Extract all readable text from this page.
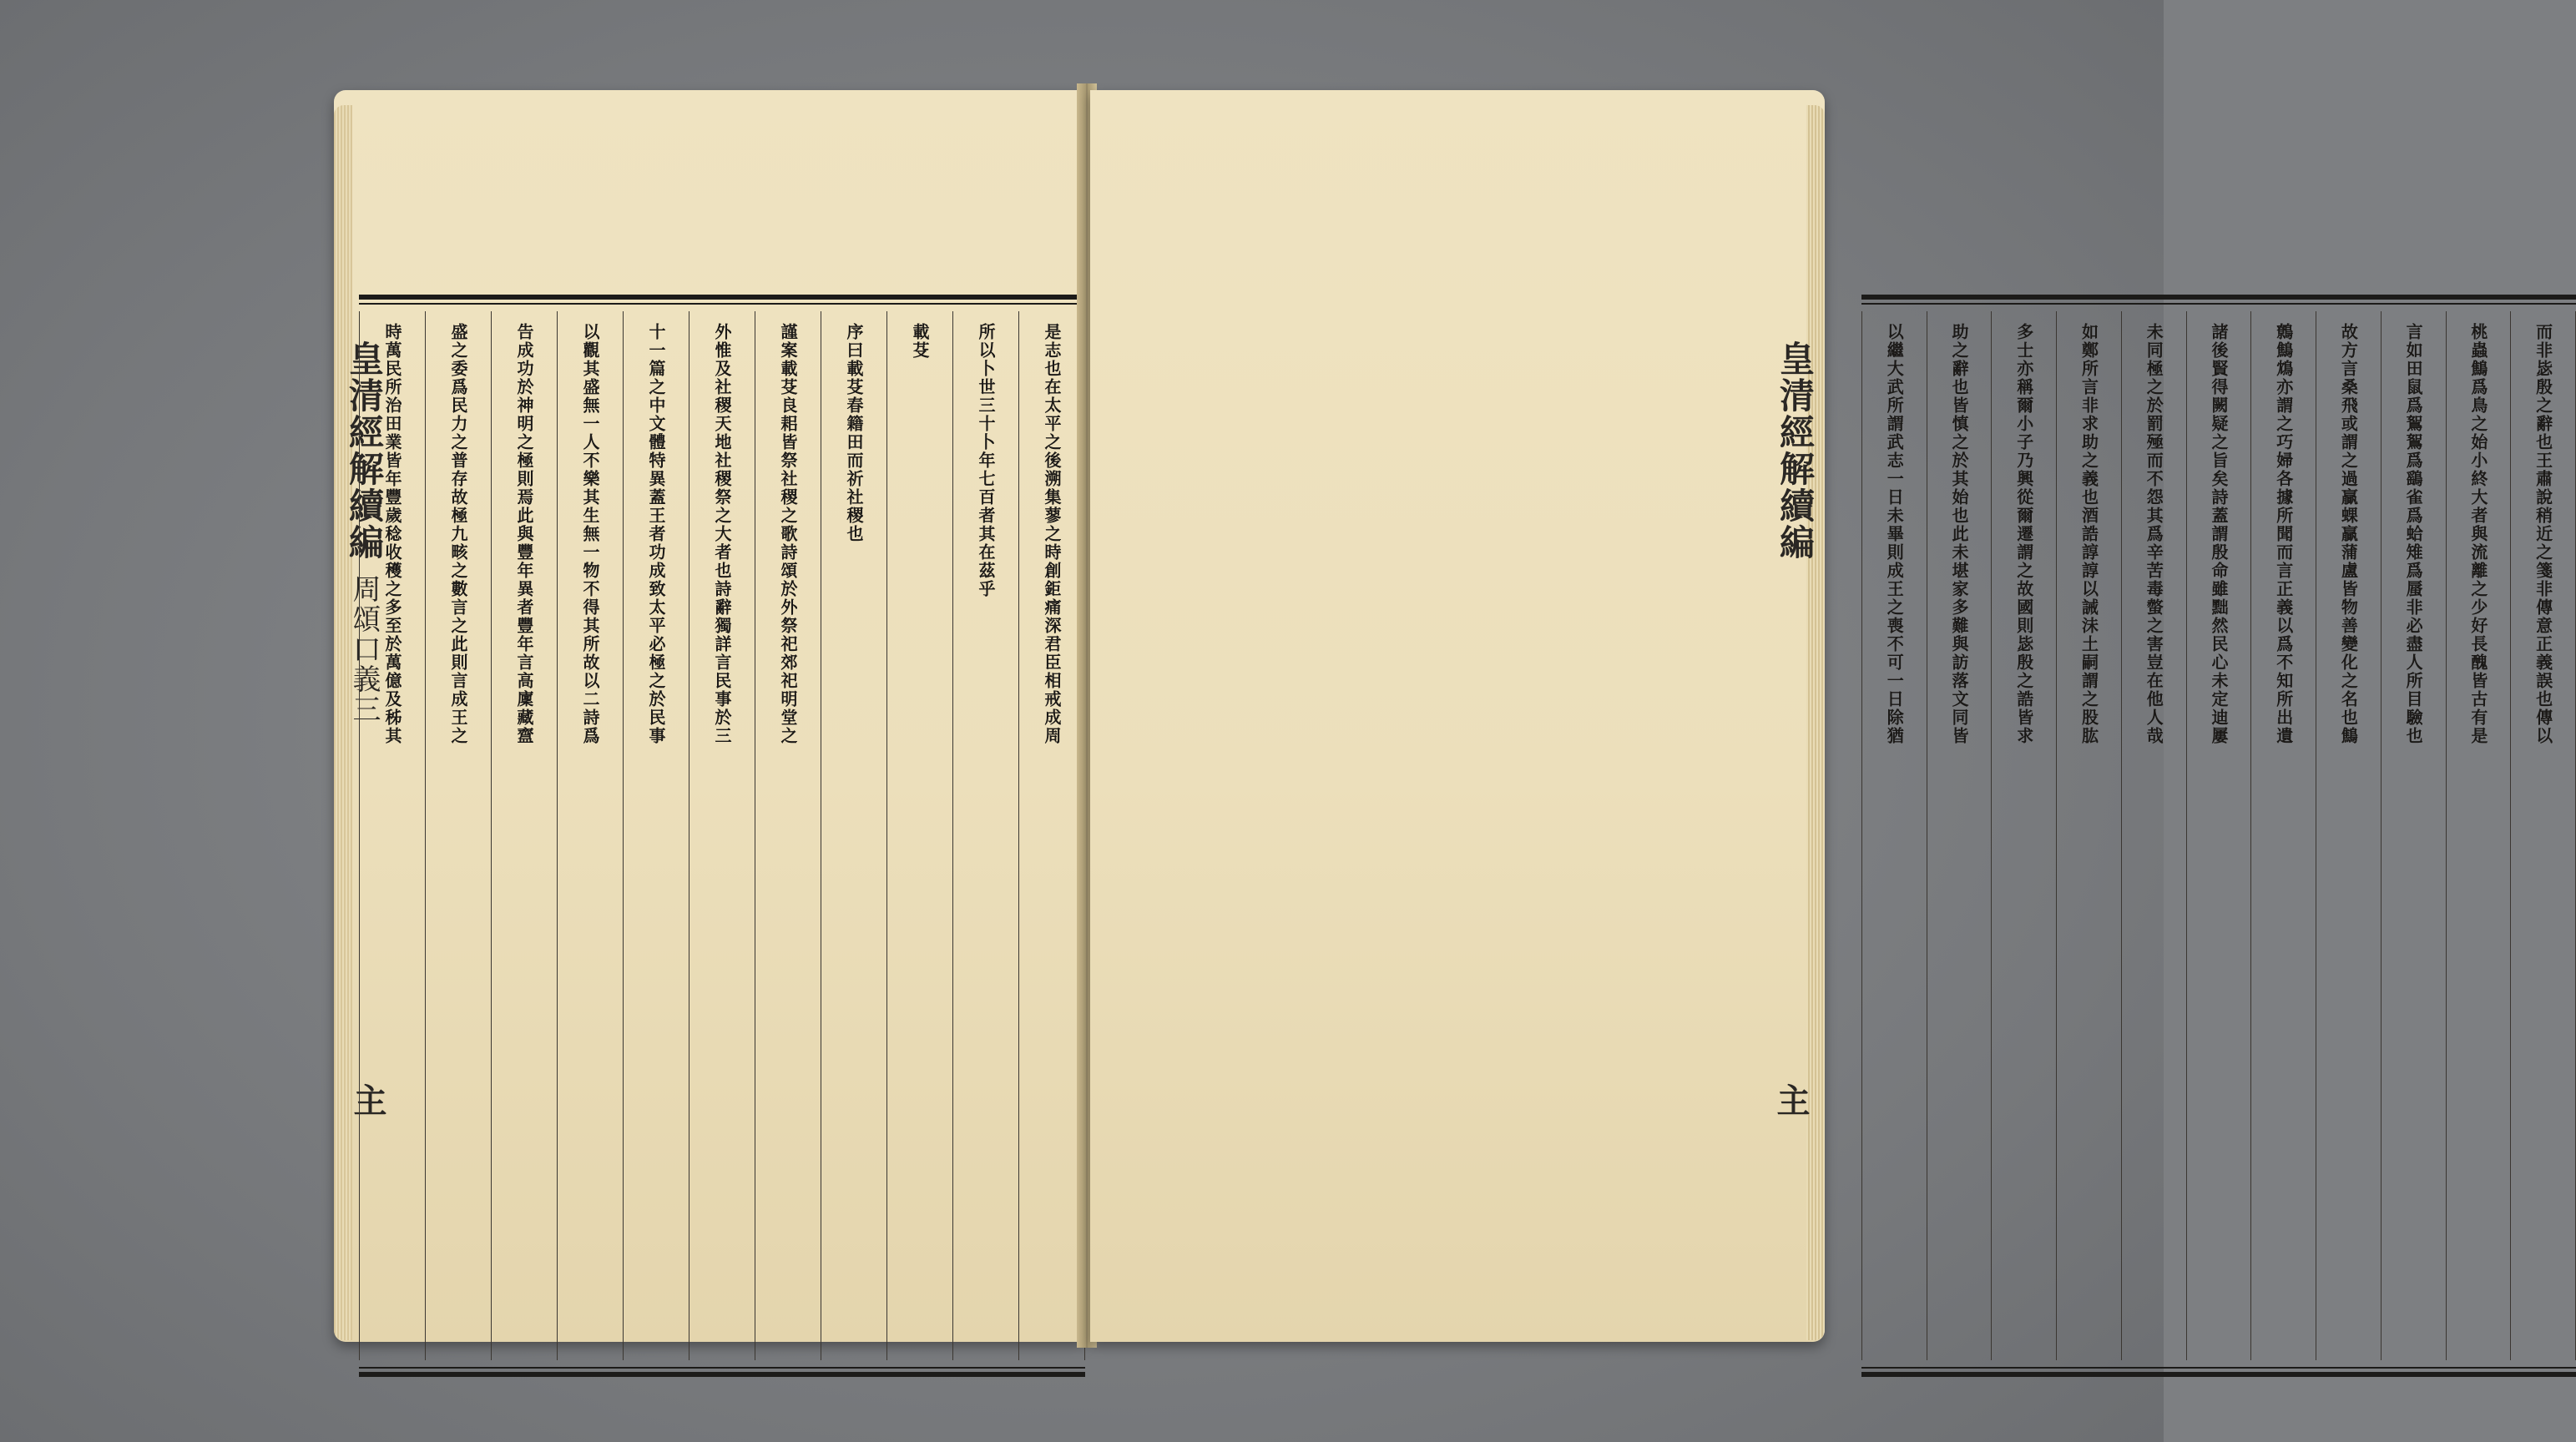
皇清經解續編
周頌口義三
主
是志也在太平之後溯集蓼之時創鉅痛深君臣相戒成周
所以卜世三十卜年七百者其在茲乎
載芟
序曰載芟春籍田而祈社稷也
謹案載芟良耜皆祭社稷之歌詩頌於外祭祀郊祀明堂之
外惟及社稷天地社稷祭之大者也詩辭獨詳言民事於三
十一篇之中文體特異蓋王者功成致太平必極之於民事
以觀其盛無一人不樂其生無一物不得其所故以二詩爲
告成功於神明之極則焉此與豐年異者豐年言高廩藏齍
盛之委爲民力之普存故極九畡之數言之此則言成王之
時萬民所治田業皆年豐歲稔收穫之多至於萬億及秭其	皇清經解續編
主
而非毖殷之辭也王肅說稍近之箋非傳意正義誤也傳以
桃蟲鷦爲鳥之始小終大者與流離之少好長醜皆古有是
言如田鼠爲鴽鴽爲鷂雀爲蛤雉爲蜃非必盡人所目驗也
故方言桑飛或謂之過贏蜾贏蒲盧皆物善變化之名也鷦
鷯鷦鴆亦謂之巧婦各據所聞而言正義以爲不知所出遺
諸後賢得闕疑之旨矣詩蓋謂殷命雖黜然民心未定迪屢
未同極之於罰殛而不怨其爲辛苦毒螫之害豈在他人哉
如鄭所言非求助之義也酒誥諄諄以誡沬土嗣謂之股肱
多士亦稱爾小子乃興從爾遷謂之故國則毖殷之誥皆求
助之辭也皆慎之於其始也此未堪家多難與訪落文同皆
以繼大武所謂武志一日未畢則成王之喪不可一日除猶
